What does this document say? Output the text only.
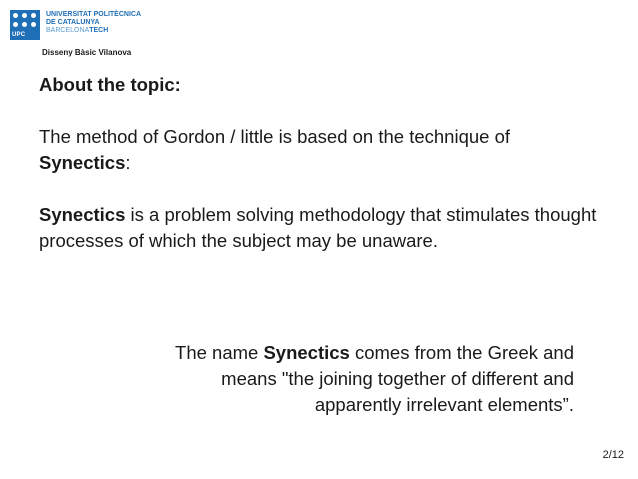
UPC
UNIVERSITAT POLITÈCNICA
DE CATALUNYA
BARCELONATECH
Disseny Bàsic Vilanova

About the topic:

The method of Gordon / little is based on the technique of Synectics:

Synectics is a problem solving methodology that stimulates thought processes of which the subject may be unaware.

The name Synectics comes from the Greek and
means "the joining together of different and
apparently irrelevant elements”.
2/12
